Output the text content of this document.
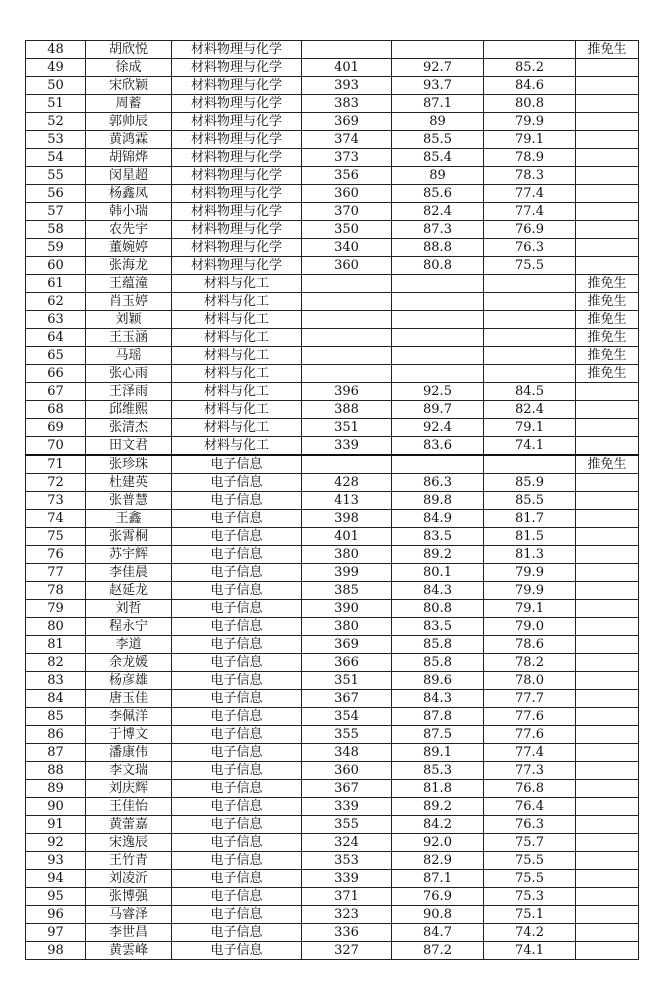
48	胡欣悦	材料物理与化学				推免生
49	徐成	材料物理与化学	401	92.7	85.2	
50	宋欣颖	材料物理与化学	393	93.7	84.6	
51	周蓄	材料物理与化学	383	87.1	80.8	
52	郭帅辰	材料物理与化学	369	89	79.9	
53	黄鸿霖	材料物理与化学	374	85.5	79.1	
54	胡锦烨	材料物理与化学	373	85.4	78.9	
55	闵星超	材料物理与化学	356	89	78.3	
56	杨鑫凤	材料物理与化学	360	85.6	77.4	
57	韩小瑞	材料物理与化学	370	82.4	77.4	
58	农先宇	材料物理与化学	350	87.3	76.9	
59	董婉婷	材料物理与化学	340	88.8	76.3	
60	张海龙	材料物理与化学	360	80.8	75.5	
61	王蕴潼	材料与化工				推免生
62	肖玉婷	材料与化工				推免生
63	刘颖	材料与化工				推免生
64	王玉涵	材料与化工				推免生
65	马瑶	材料与化工				推免生
66	张心雨	材料与化工				推免生
67	王泽雨	材料与化工	396	92.5	84.5	
68	邱维熙	材料与化工	388	89.7	82.4	
69	张清杰	材料与化工	351	92.4	79.1	
70	田文君	材料与化工	339	83.6	74.1	
71	张珍珠	电子信息				推免生
72	杜建英	电子信息	428	86.3	85.9	
73	张普慧	电子信息	413	89.8	85.5	
74	王鑫	电子信息	398	84.9	81.7	
75	张霄桐	电子信息	401	83.5	81.5	
76	苏宇辉	电子信息	380	89.2	81.3	
77	李佳晨	电子信息	399	80.1	79.9	
78	赵延龙	电子信息	385	84.3	79.9	
79	刘哲	电子信息	390	80.8	79.1	
80	程永宁	电子信息	380	83.5	79.0	
81	李道	电子信息	369	85.8	78.6	
82	余龙媛	电子信息	366	85.8	78.2	
83	杨彦雄	电子信息	351	89.6	78.0	
84	唐玉佳	电子信息	367	84.3	77.7	
85	李佩洋	电子信息	354	87.8	77.6	
86	于博文	电子信息	355	87.5	77.6	
87	潘康伟	电子信息	348	89.1	77.4	
88	李文瑞	电子信息	360	85.3	77.3	
89	刘庆辉	电子信息	367	81.8	76.8	
90	王佳怡	电子信息	339	89.2	76.4	
91	黄蕾嘉	电子信息	355	84.2	76.3	
92	宋逸辰	电子信息	324	92.0	75.7	
93	王竹青	电子信息	353	82.9	75.5	
94	刘凌沂	电子信息	339	87.1	75.5	
95	张博强	电子信息	371	76.9	75.3	
96	马睿泽	电子信息	323	90.8	75.1	
97	李世昌	电子信息	336	84.7	74.2	
98	黄雲峰	电子信息	327	87.2	74.1	
